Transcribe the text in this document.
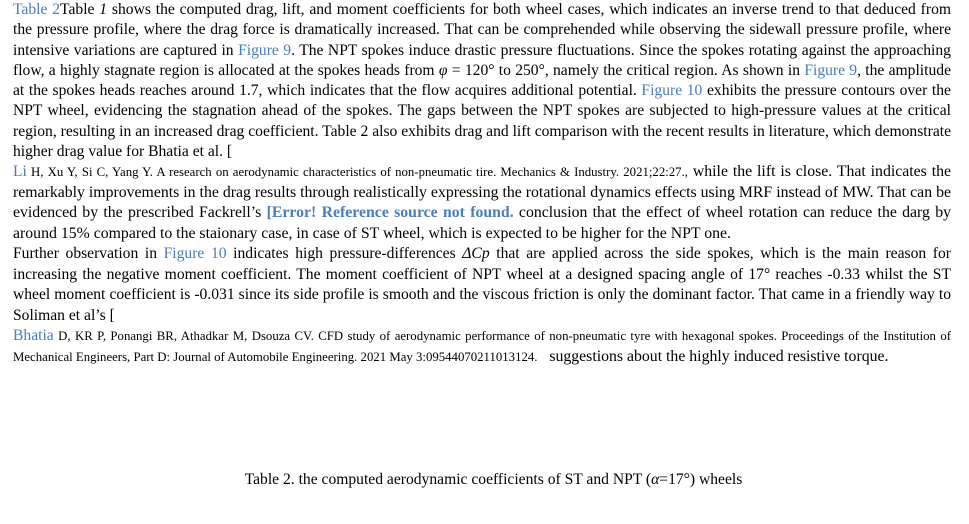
Table 2Table 1 shows the computed drag, lift, and moment coefficients for both wheel cases, which indicates an inverse trend to that deduced from the pressure profile, where the drag force is dramatically increased. That can be comprehended while observing the sidewall pressure profile, where intensive variations are captured in Figure 9. The NPT spokes induce drastic pressure fluctuations. Since the spokes rotating against the approaching flow, a highly stagnate region is allocated at the spokes heads from φ = 120° to 250°, namely the critical region. As shown in Figure 9, the amplitude at the spokes heads reaches around 1.7, which indicates that the flow acquires additional potential. Figure 10 exhibits the pressure contours over the NPT wheel, evidencing the stagnation ahead of the spokes. The gaps between the NPT spokes are subjected to high-pressure values at the critical region, resulting in an increased drag coefficient. Table 2 also exhibits drag and lift comparison with the recent results in literature, which demonstrate higher drag value for Bhatia et al. [

Li H, Xu Y, Si C, Yang Y. A research on aerodynamic characteristics of non-pneumatic tire. Mechanics & Industry. 2021;22:27., while the lift is close. That indicates the remarkably improvements in the drag results through realistically expressing the rotational dynamics effects using MRF instead of MW. That can be evidenced by the prescribed Fackrell’s [Error! Reference source not found. conclusion that the effect of wheel rotation can reduce the darg by around 15% compared to the staionary case, in case of ST wheel, which is expected to be higher for the NPT one.

Further observation in Figure 10 indicates high pressure-differences ΔCp that are applied across the side spokes, which is the main reason for increasing the negative moment coefficient. The moment coefficient of NPT wheel at a designed spacing angle of 17° reaches -0.33 whilst the ST wheel moment coefficient is -0.031 since its side profile is smooth and the viscous friction is only the dominant factor. That came in a friendly way to Soliman et al’s [

Bhatia D, KR P, Ponangi BR, Athadkar M, Dsouza CV. CFD study of aerodynamic performance of non-pneumatic tyre with hexagonal spokes. Proceedings of the Institution of Mechanical Engineers, Part D: Journal of Automobile Engineering. 2021 May 3:09544070211013124.   suggestions about the highly induced resistive torque.

Table 2. the computed aerodynamic coefficients of ST and NPT (α=17°) wheels
